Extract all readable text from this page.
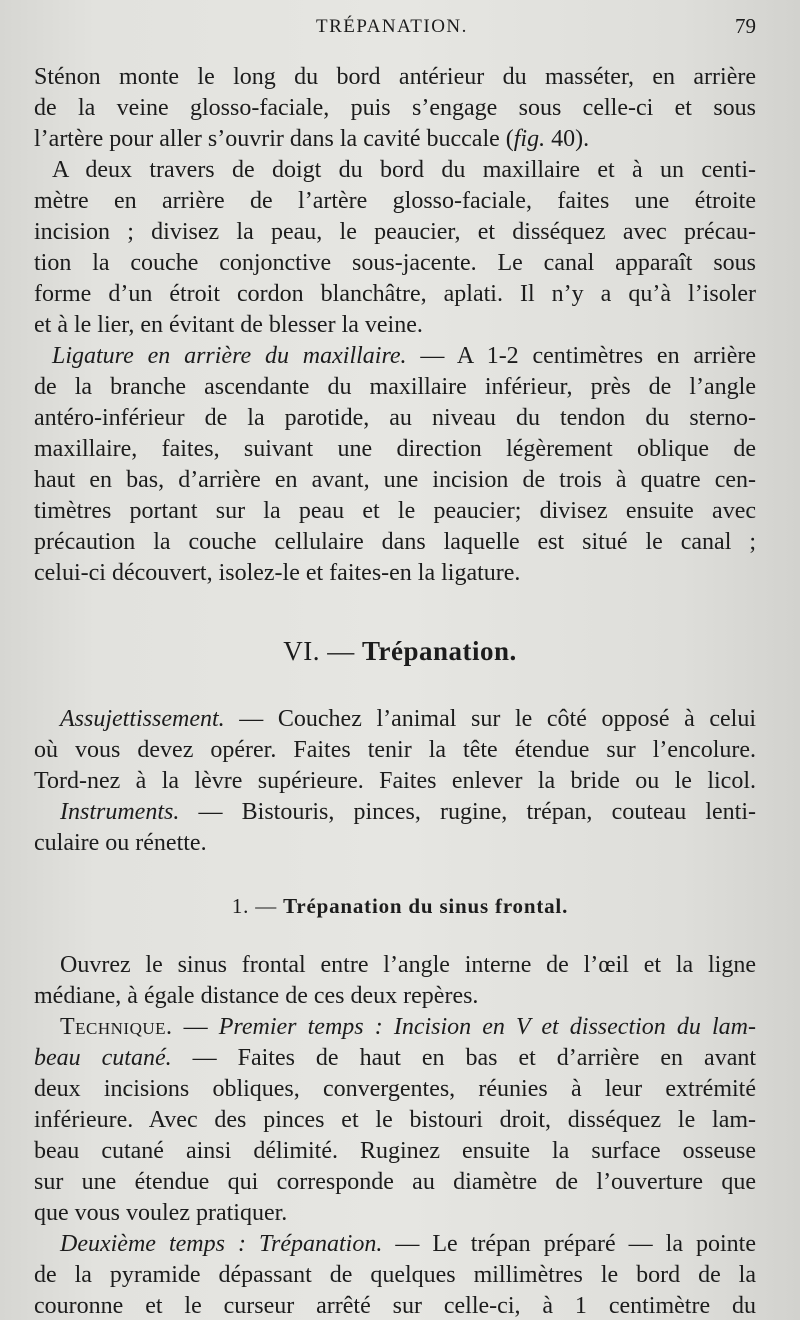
TRÉPANATION.	79
Sténon monte le long du bord antérieur du masséter, en arrière
de la veine glosso-faciale, puis s’engage sous celle-ci et sous
l’artère pour aller s’ouvrir dans la cavité buccale (fig. 40).
A deux travers de doigt du bord du maxillaire et à un centi-
mètre en arrière de l’artère glosso-faciale, faites une étroite
incision ; divisez la peau, le peaucier, et disséquez avec précau-
tion la couche conjonctive sous-jacente. Le canal apparaît sous
forme d’un étroit cordon blanchâtre, aplati. Il n’y a qu’à l’isoler
et à le lier, en évitant de blesser la veine.
Ligature en arrière du maxillaire. — A 1-2 centimètres en arrière
de la branche ascendante du maxillaire inférieur, près de l’angle
antéro-inférieur de la parotide, au niveau du tendon du sterno-
maxillaire, faites, suivant une direction légèrement oblique de
haut en bas, d’arrière en avant, une incision de trois à quatre cen-
timètres portant sur la peau et le peaucier; divisez ensuite avec
précaution la couche cellulaire dans laquelle est situé le canal ;
celui-ci découvert, isolez-le et faites-en la ligature.
VI. — Trépanation.
Assujettissement. — Couchez l’animal sur le côté opposé à celui
où vous devez opérer. Faites tenir la tête étendue sur l’encolure.
Tord-nez à la lèvre supérieure. Faites enlever la bride ou le licol.
Instruments. — Bistouris, pinces, rugine, trépan, couteau lenti-
culaire ou rénette.
1. — Trépanation du sinus frontal.
Ouvrez le sinus frontal entre l’angle interne de l’œil et la ligne
médiane, à égale distance de ces deux repères.
Technique. — Premier temps : Incision en V et dissection du lam-
beau cutané. — Faites de haut en bas et d’arrière en avant
deux incisions obliques, convergentes, réunies à leur extrémité
inférieure. Avec des pinces et le bistouri droit, disséquez le lam-
beau cutané ainsi délimité. Ruginez ensuite la surface osseuse
sur une étendue qui corresponde au diamètre de l’ouverture que
que vous voulez pratiquer.
Deuxième temps : Trépanation. — Le trépan préparé — la pointe
de la pyramide dépassant de quelques millimètres le bord de la
couronne et le curseur arrêté sur celle-ci, à 1 centimètre du
